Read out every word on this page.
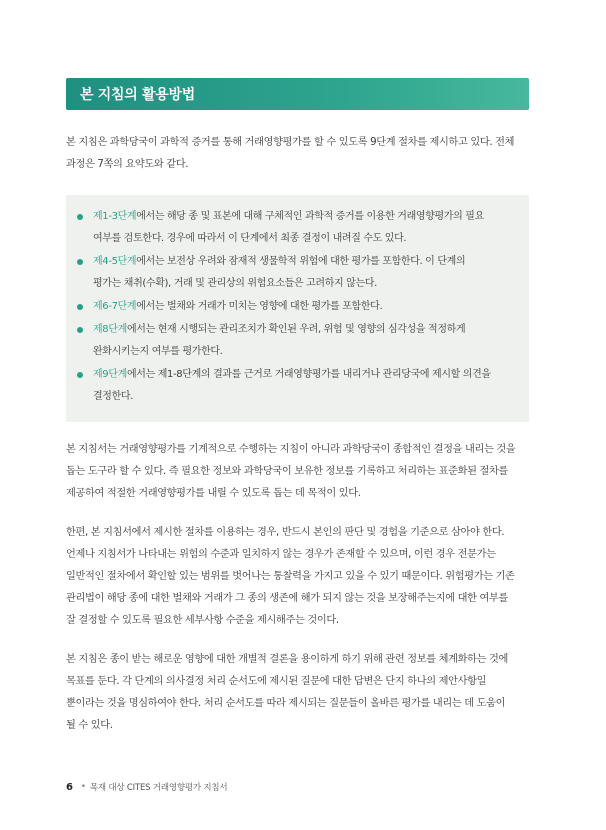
본 지침의 활용방법

본 지침은 과학당국이 과학적 증거를 통해 거래영향평가를 할 수 있도록 9단계 절차를 제시하고 있다. 전체
과정은 7쪽의 요약도와 같다.

제1-3단계에서는 해당 종 및 표본에 대해 구체적인 과학적 증거를 이용한 거래영향평가의 필요
여부를 검토한다. 경우에 따라서 이 단계에서 최종 결정이 내려질 수도 있다.
제4-5단계에서는 보전상 우려와 잠재적 생물학적 위험에 대한 평가를 포함한다. 이 단계의
평가는 채취(수확), 거래 및 관리상의 위험요소들은 고려하지 않는다.
제6-7단계에서는 벌채와 거래가 미치는 영향에 대한 평가를 포함한다.
제8단계에서는 현재 시행되는 관리조치가 확인된 우려, 위험 및 영향의 심각성을 적정하게
완화시키는지 여부를 평가한다.
제9단계에서는 제1-8단계의 결과를 근거로 거래영향평가를 내리거나 관리당국에 제시할 의견을
결정한다.

본 지침서는 거래영향평가를 기계적으로 수행하는 지침이 아니라 과학당국이 종합적인 결정을 내리는 것을
돕는 도구라 할 수 있다. 즉 필요한 정보와 과학당국이 보유한 정보를 기록하고 처리하는 표준화된 절차를
제공하여 적절한 거래영향평가를 내릴 수 있도록 돕는 데 목적이 있다.

한편, 본 지침서에서 제시한 절차를 이용하는 경우, 반드시 본인의 판단 및 경험을 기준으로 삼아야 한다.
언제나 지침서가 나타내는 위험의 수준과 일치하지 않는 경우가 존재할 수 있으며, 이런 경우 전문가는
일반적인 절차에서 확인할 있는 범위를 벗어나는 통찰력을 가지고 있을 수 있기 때문이다. 위험평가는 기존
관리법이 해당 종에 대한 벌채와 거래가 그 종의 생존에 해가 되지 않는 것을 보장해주는지에 대한 여부를
잘 결정할 수 있도록 필요한 세부사항 수준을 제시해주는 것이다.

본 지침은 종이 받는 해로운 영향에 대한 개별적 결론을 용이하게 하기 위해 관련 정보를 체계화하는 것에
목표를 둔다. 각 단계의 의사결정 처리 순서도에 제시된 질문에 대한 답변은 단지 하나의 제안사항일
뿐이라는 것을 명심하여야 한다. 처리 순서도를 따라 제시되는 질문들이 올바른 평가를 내리는 데 도움이
될 수 있다.

6 • 목재 대상 CITES 거래영향평가 지침서
